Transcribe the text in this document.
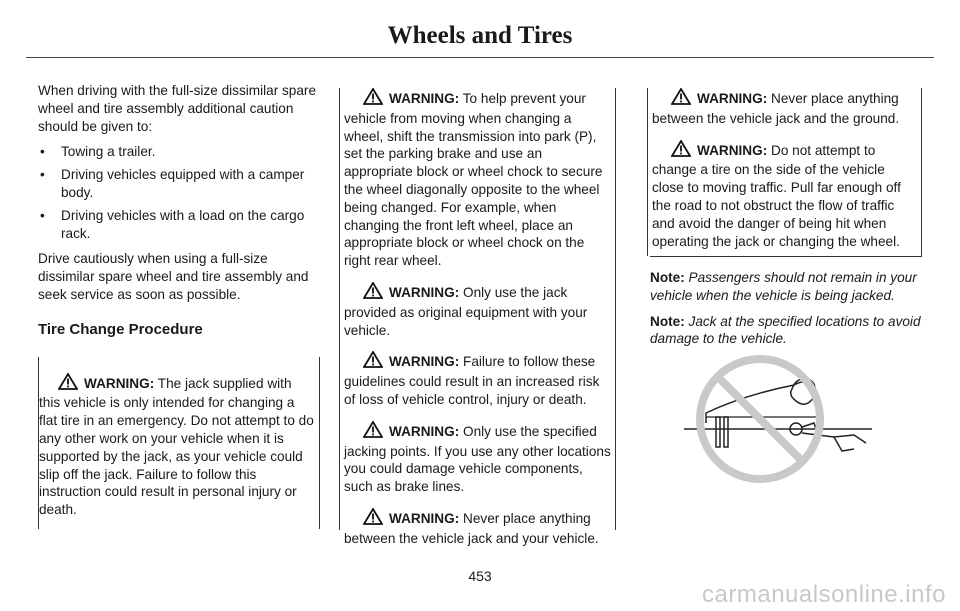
Wheels and Tires

When driving with the full-size dissimilar spare wheel and tire assembly additional caution should be given to:

• Towing a trailer.
• Driving vehicles equipped with a camper body.
• Driving vehicles with a load on the cargo rack.

Drive cautiously when using a full-size dissimilar spare wheel and tire assembly and seek service as soon as possible.

Tire Change Procedure

WARNING: The jack supplied with this vehicle is only intended for changing a flat tire in an emergency. Do not attempt to do any other work on your vehicle when it is supported by the jack, as your vehicle could slip off the jack. Failure to follow this instruction could result in personal injury or death.

WARNING: To help prevent your vehicle from moving when changing a wheel, shift the transmission into park (P), set the parking brake and use an appropriate block or wheel chock to secure the wheel diagonally opposite to the wheel being changed. For example, when changing the front left wheel, place an appropriate block or wheel chock on the right rear wheel.

WARNING: Only use the jack provided as original equipment with your vehicle.

WARNING: Failure to follow these guidelines could result in an increased risk of loss of vehicle control, injury or death.

WARNING: Only use the specified jacking points. If you use any other locations you could damage vehicle components, such as brake lines.

WARNING: Never place anything between the vehicle jack and your vehicle.

WARNING: Never place anything between the vehicle jack and the ground.

WARNING: Do not attempt to change a tire on the side of the vehicle close to moving traffic. Pull far enough off the road to not obstruct the flow of traffic and avoid the danger of being hit when operating the jack or changing the wheel.

Note: Passengers should not remain in your vehicle when the vehicle is being jacked.

Note: Jack at the specified locations to avoid damage to the vehicle.

453
carmanualsonline.info
